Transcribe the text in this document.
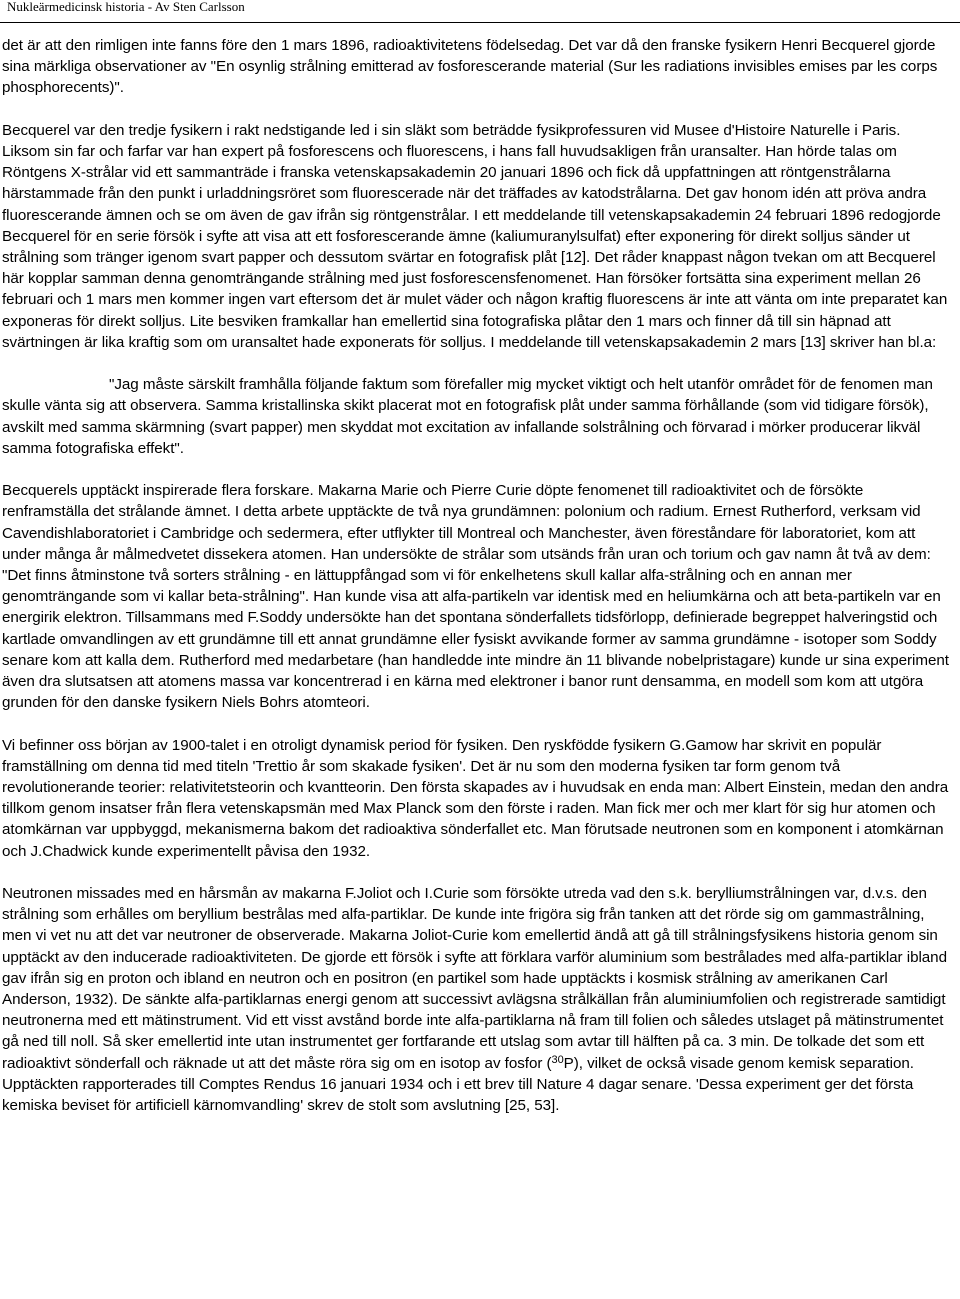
Nukleärmedicinsk historia - Av Sten Carlsson

det är att den rimligen inte fanns före den 1 mars 1896, radioaktivitetens födelsedag. Det var då den franske fysikern Henri Becquerel gjorde sina märkliga observationer av "En osynlig strålning emitterad av fosforescerande material (Sur les radiations invisibles emises par les corps phosphorecents)".

Becquerel var den tredje fysikern i rakt nedstigande led i sin släkt som beträdde fysikprofessuren vid Musee d'Histoire Naturelle i Paris. Liksom sin far och farfar var han expert på fosforescens och fluorescens, i hans fall huvudsakligen från uransalter. Han hörde talas om Röntgens X-strålar vid ett sammanträde i franska vetenskapsakademin 20 januari 1896 och fick då uppfattningen att röntgenstrålarna härstammade från den punkt i urladdningsröret som fluorescerade när det träffades av katodstrålarna. Det gav honom idén att pröva andra fluorescerande ämnen och se om även de gav ifrån sig röntgenstrålar. I ett meddelande till vetenskapsakademin 24 februari 1896 redogjorde Becquerel för en serie försök i syfte att visa att ett fosforescerande ämne (kaliumuranylsulfat) efter exponering för direkt solljus sänder ut strålning som tränger igenom svart papper och dessutom svärtar en fotografisk plåt [12]. Det råder knappast någon tvekan om att Becquerel här kopplar samman denna genomträngande strålning med just fosforescensfenomenet. Han försöker fortsätta sina experiment mellan 26 februari och 1 mars men kommer ingen vart eftersom det är mulet väder och någon kraftig fluorescens är inte att vänta om inte preparatet kan exponeras för direkt solljus. Lite besviken framkallar han emellertid sina fotografiska plåtar den 1 mars och finner då till sin häpnad att svärtningen är lika kraftig som om uransaltet hade exponerats för solljus. I meddelande till vetenskapsakademin 2 mars [13] skriver han bl.a:

"Jag måste särskilt framhålla följande faktum som förefaller mig mycket viktigt och helt utanför området för de fenomen man skulle vänta sig att observera. Samma kristallinska skikt placerat mot en fotografisk plåt under samma förhållande (som vid tidigare försök), avskilt med samma skärmning (svart papper) men skyddat mot excitation av infallande solstrålning och förvarad i mörker producerar likväl samma fotografiska effekt".

Becquerels upptäckt inspirerade flera forskare. Makarna Marie och Pierre Curie döpte fenomenet till radioaktivitet och de försökte renframställa det strålande ämnet. I detta arbete upptäckte de två nya grundämnen: polonium och radium. Ernest Rutherford, verksam vid Cavendishlaboratoriet i Cambridge och sedermera, efter utflykter till Montreal och Manchester, även föreståndare för laboratoriet, kom att under många år målmedvetet dissekera atomen. Han undersökte de strålar som utsänds från uran och torium och gav namn åt två av dem: "Det finns åtminstone två sorters strålning - en lättuppfångad som vi för enkelhetens skull kallar alfa-strålning och en annan mer genomträngande som vi kallar beta-strålning". Han kunde visa att alfa-partikeln var identisk med en heliumkärna och att beta-partikeln var en energirik elektron. Tillsammans med F.Soddy undersökte han det spontana sönderfallets tidsförlopp, definierade begreppet halveringstid och kartlade omvandlingen av ett grundämne till ett annat grundämne eller fysiskt avvikande former av samma grundämne - isotoper som Soddy senare kom att kalla dem. Rutherford med medarbetare (han handledde inte mindre än 11 blivande nobelpristagare) kunde ur sina experiment även dra slutsatsen att atomens massa var koncentrerad i en kärna med elektroner i banor runt densamma, en modell som kom att utgöra grunden för den danske fysikern Niels Bohrs atomteori.

Vi befinner oss början av 1900-talet i en otroligt dynamisk period för fysiken. Den ryskfödde fysikern G.Gamow har skrivit en populär framställning om denna tid med titeln 'Trettio år som skakade fysiken'. Det är nu som den moderna fysiken tar form genom två revolutionerande teorier: relativitetsteorin och kvantteorin. Den första skapades av i huvudsak en enda man: Albert Einstein, medan den andra tillkom genom insatser från flera vetenskapsmän med Max Planck som den förste i raden. Man fick mer och mer klart för sig hur atomen och atomkärnan var uppbyggd, mekanismerna bakom det radioaktiva sönderfallet etc. Man förutsade neutronen som en komponent i atomkärnan och J.Chadwick kunde experimentellt påvisa den 1932.

Neutronen missades med en hårsmån av makarna F.Joliot och I.Curie som försökte utreda vad den s.k. berylliumstrålningen var, d.v.s. den strålning som erhålles om beryllium bestrålas med alfa-partiklar. De kunde inte frigöra sig från tanken att det rörde sig om gammastrålning, men vi vet nu att det var neutroner de observerade. Makarna Joliot-Curie kom emellertid ändå att gå till strålningsfysikens historia genom sin upptäckt av den inducerade radioaktiviteten. De gjorde ett försök i syfte att förklara varför aluminium som bestrålades med alfa-partiklar ibland gav ifrån sig en proton och ibland en neutron och en positron (en partikel som hade upptäckts i kosmisk strålning av amerikanen Carl Anderson, 1932). De sänkte alfa-partiklarnas energi genom att successivt avlägsna strålkällan från aluminiumfolien och registrerade samtidigt neutronerna med ett mätinstrument. Vid ett visst avstånd borde inte alfa-partiklarna nå fram till folien och således utslaget på mätinstrumentet gå ned till noll. Så sker emellertid inte utan instrumentet ger fortfarande ett utslag som avtar till hälften på ca. 3 min. De tolkade det som ett radioaktivt sönderfall och räknade ut att det måste röra sig om en isotop av fosfor ($^{30}$P), vilket de också visade genom kemisk separation. Upptäckten rapporterades till Comptes Rendus 16 januari 1934 och i ett brev till Nature 4 dagar senare. 'Dessa experiment ger det första kemiska beviset för artificiell kärnomvandling' skrev de stolt som avslutning [25, 53].
